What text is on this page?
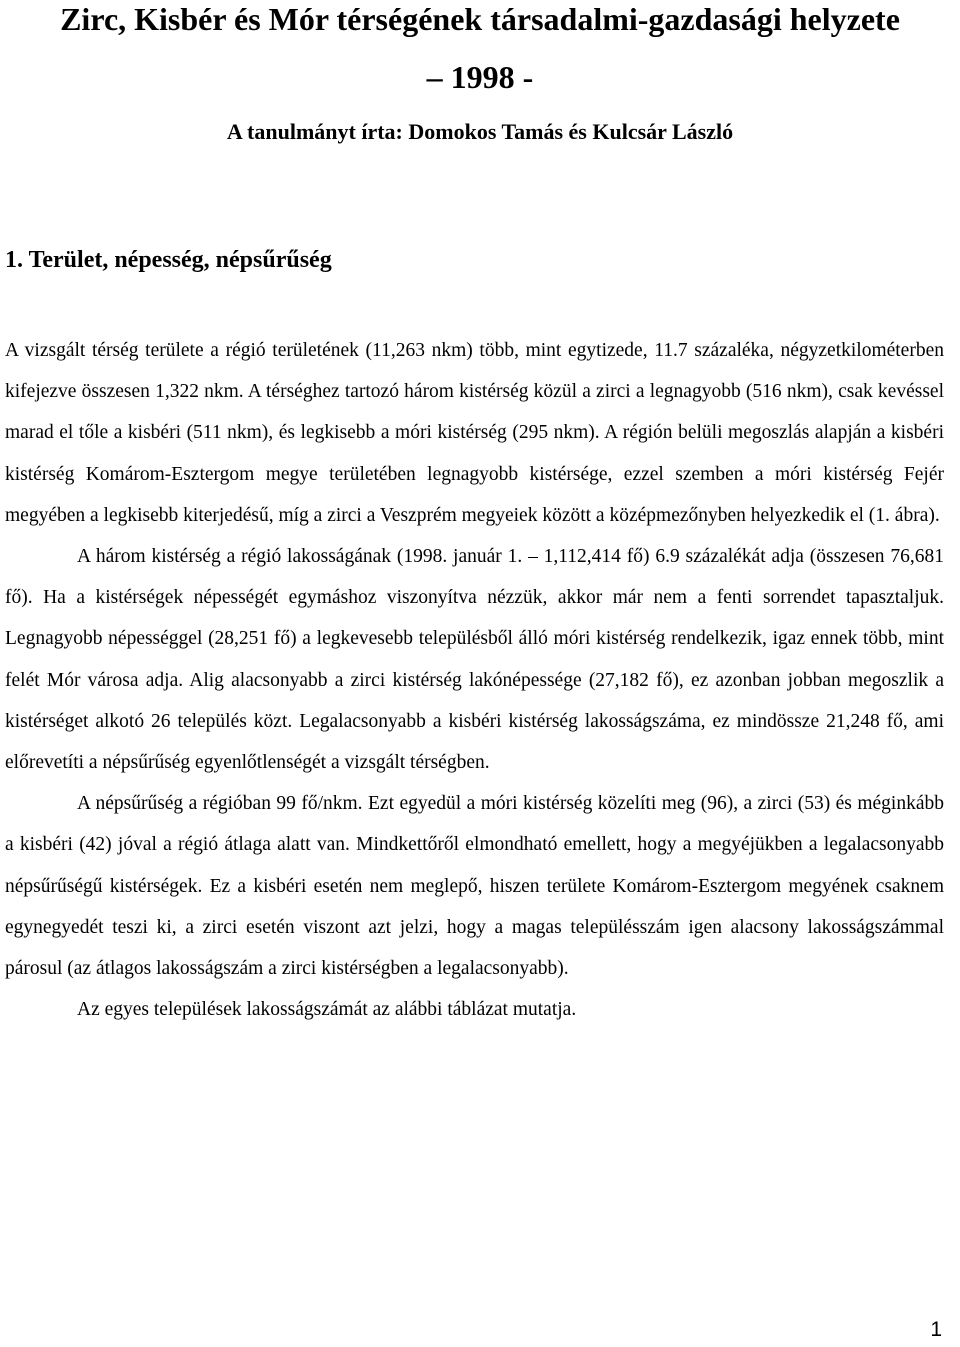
Zirc, Kisbér és Mór térségének társadalmi-gazdasági helyzete
– 1998 -
A tanulmányt írta: Domokos Tamás és Kulcsár László
1. Terület, népesség, népsűrűség

A vizsgált térség területe a régió területének (11,263 nkm) több, mint egytizede, 11.7 százaléka, négyzetkilométerben kifejezve összesen 1,322 nkm. A térséghez tartozó három kistérség közül a zirci a legnagyobb (516 nkm), csak kevéssel marad el tőle a kisbéri (511 nkm), és legkisebb a móri kistérség (295 nkm). A régión belüli megoszlás alapján a kisbéri kistérség Komárom-Esztergom megye területében legnagyobb kistérsége, ezzel szemben a móri kistérség Fejér megyében a legkisebb kiterjedésű, míg a zirci a Veszprém megyeiek között a középmezőnyben helyezkedik el (1. ábra).

A három kistérség a régió lakosságának (1998. január 1. – 1,112,414 fő) 6.9 százalékát adja (összesen 76,681 fő). Ha a kistérségek népességét egymáshoz viszonyítva nézzük, akkor már nem a fenti sorrendet tapasztaljuk. Legnagyobb népességgel (28,251 fő) a legkevesebb településből álló móri kistérség rendelkezik, igaz ennek több, mint felét Mór városa adja. Alig alacsonyabb a zirci kistérség lakónépessége (27,182 fő), ez azonban jobban megoszlik a kistérséget alkotó 26 település közt. Legalacsonyabb a kisbéri kistérség lakosságszáma, ez mindössze 21,248 fő, ami előrevetíti a népsűrűség egyenlőtlenségét a vizsgált térségben.

A népsűrűség a régióban 99 fő/nkm. Ezt egyedül a móri kistérség közelíti meg (96), a zirci (53) és méginkább a kisbéri (42) jóval a régió átlaga alatt van. Mindkettőről elmondható emellett, hogy a megyéjükben a legalacsonyabb népsűrűségű kistérségek. Ez a kisbéri esetén nem meglepő, hiszen területe Komárom-Esztergom megyének csaknem egynegyedét teszi ki, a zirci esetén viszont azt jelzi, hogy a magas településszám igen alacsony lakosságszámmal párosul (az átlagos lakosságszám a zirci kistérségben a legalacsonyabb).

Az egyes települések lakosságszámát az alábbi táblázat mutatja.

1
